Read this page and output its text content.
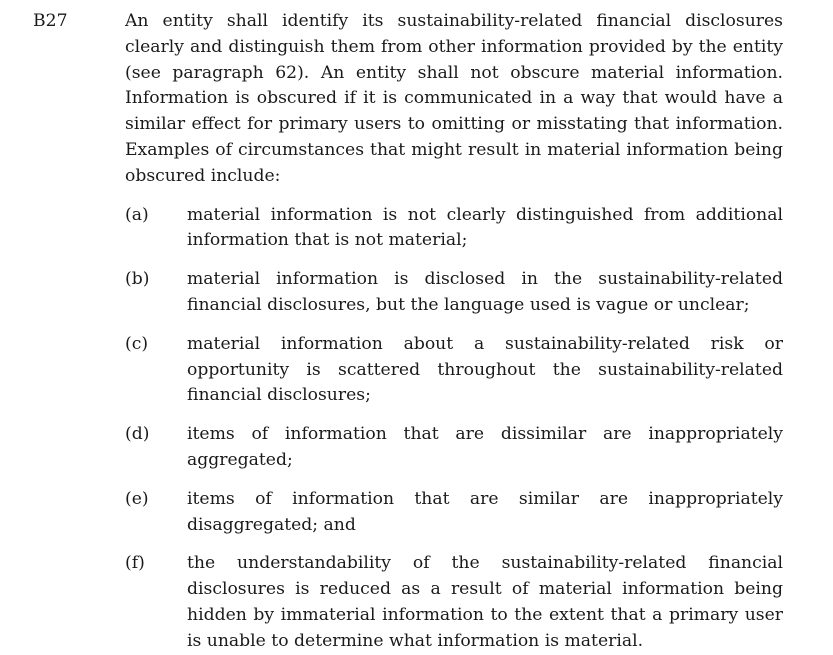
B27	An entity shall identify its sustainability-related financial disclosures clearly and distinguish them from other information provided by the entity (see paragraph 62). An entity shall not obscure material information. Information is obscured if it is communicated in a way that would have a similar effect for primary users to omitting or misstating that information. Examples of circumstances that might result in material information being obscured include:

(a)	material information is not clearly distinguished from additional information that is not material;

(b)	material information is disclosed in the sustainability-related financial disclosures, but the language used is vague or unclear;

(c)	material information about a sustainability-related risk or opportunity is scattered throughout the sustainability-related financial disclosures;

(d)	items of information that are dissimilar are inappropriately aggregated;

(e)	items of information that are similar are inappropriately disaggregated; and

(f)	the understandability of the sustainability-related financial disclosures is reduced as a result of material information being hidden by immaterial information to the extent that a primary user is unable to determine what information is material.
